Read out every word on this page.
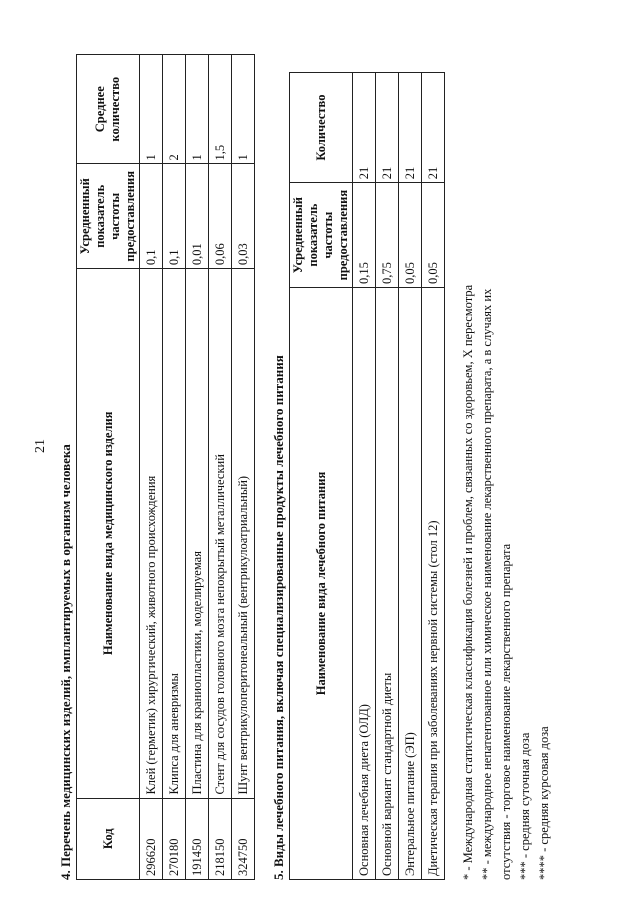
21 4. Перечень медицинских изделий, имплантируемых в организм человека Код	Наименование вида медицинского изделия	Усредненный показатель частоты предоставления	Среднее количество
296620	Клей (герметик) хирургический, животного происхождения	0,1	1
270180	Клипса для аневризмы	0,1	2
191450	Пластина для краниопластики, моделируемая	0,01	1
218150	Стент для сосудов головного мозга непокрытый металлический	0,06	1,5
324750	Шунт вентрикулоперитонеальный (вентрикулоатриальный)	0,03	1

5. Виды лечебного питания, включая специализированные продукты лечебного питания Наименование вида лечебного питания	Усредненный показатель частоты предоставления	Количество
Основная лечебная диета (ОЛД)	0,15	21
Основной вариант стандартной диеты	0,75	21
Энтеральное питание (ЭП)	0,05	21
Диетическая терапия при заболеваниях нервной системы (стол 12)	0,05	21
* - Международная статистическая классификация болезней и проблем, связанных со здоровьем, X пересмотра ** - международное непатентованное или химическое наименование лекарственного препарата, а в случаях их отсутствия - торговое наименование лекарственного препарата *** - средняя суточная доза **** - средняя курсовая доза
